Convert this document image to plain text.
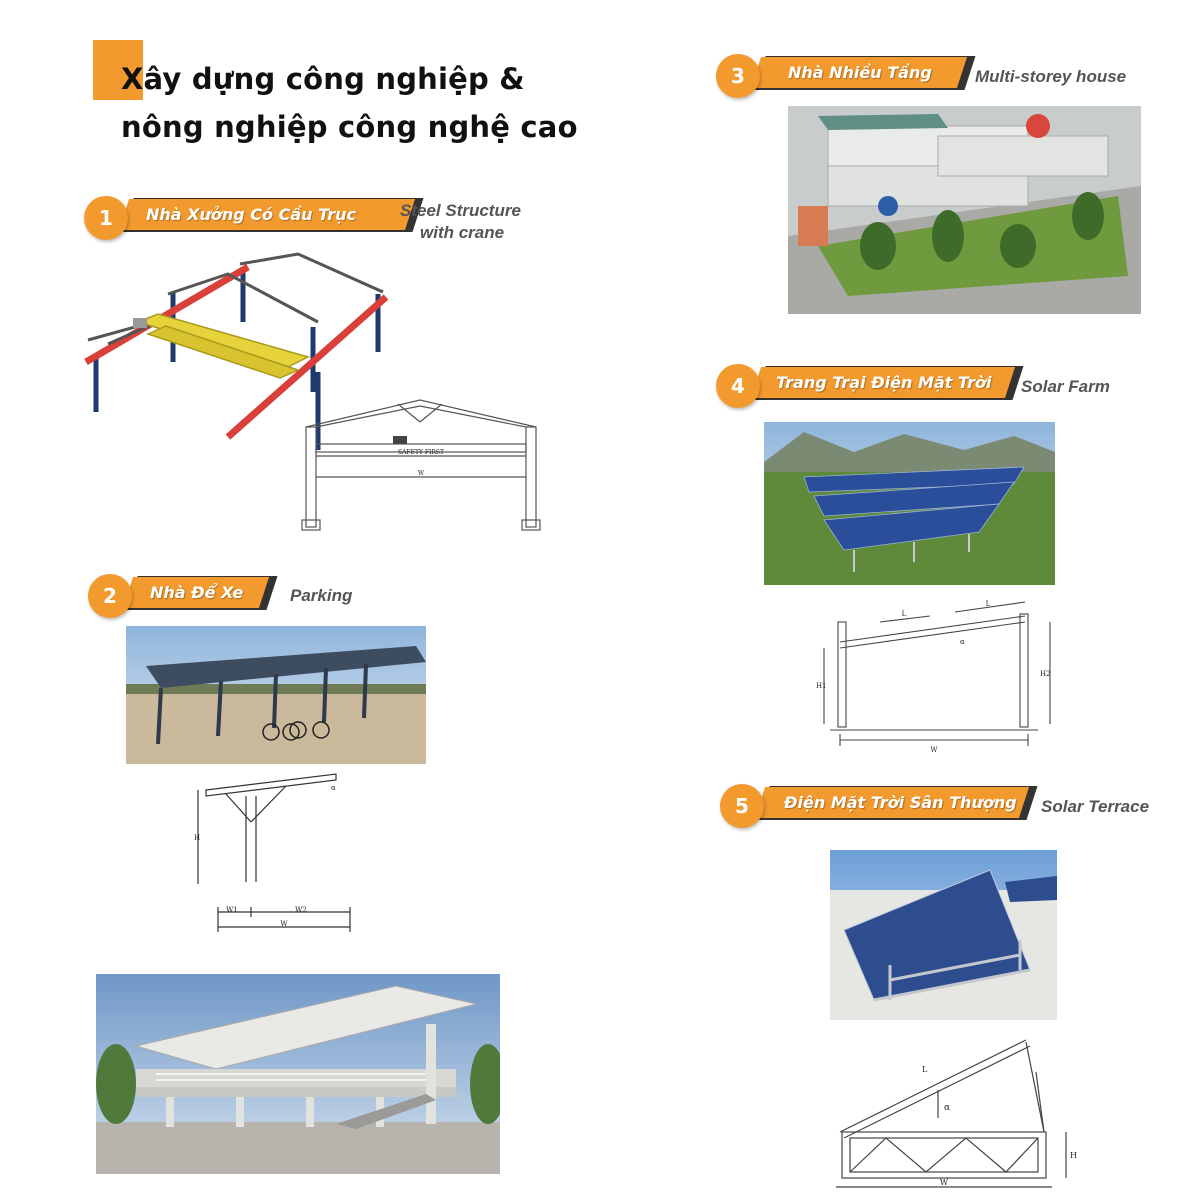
Xây dựng công nghiệp &
nông nghiệp công nghệ cao
1	Nhà Xưởng Có Cầu Trục	Steel Structure
with crane
SAFETY FIRST
W
2	Nhà Để Xe	Parking
H
W1	W2
W
α
3	Nhà Nhiều Tầng	Multi-storey house
4	Trang Trại Điện Mặt Trời Solar Farm
L
L
H1
H2
W
α
5	Điện Mặt Trời Sân Thượng Solar Terrace
L
α
H
W
